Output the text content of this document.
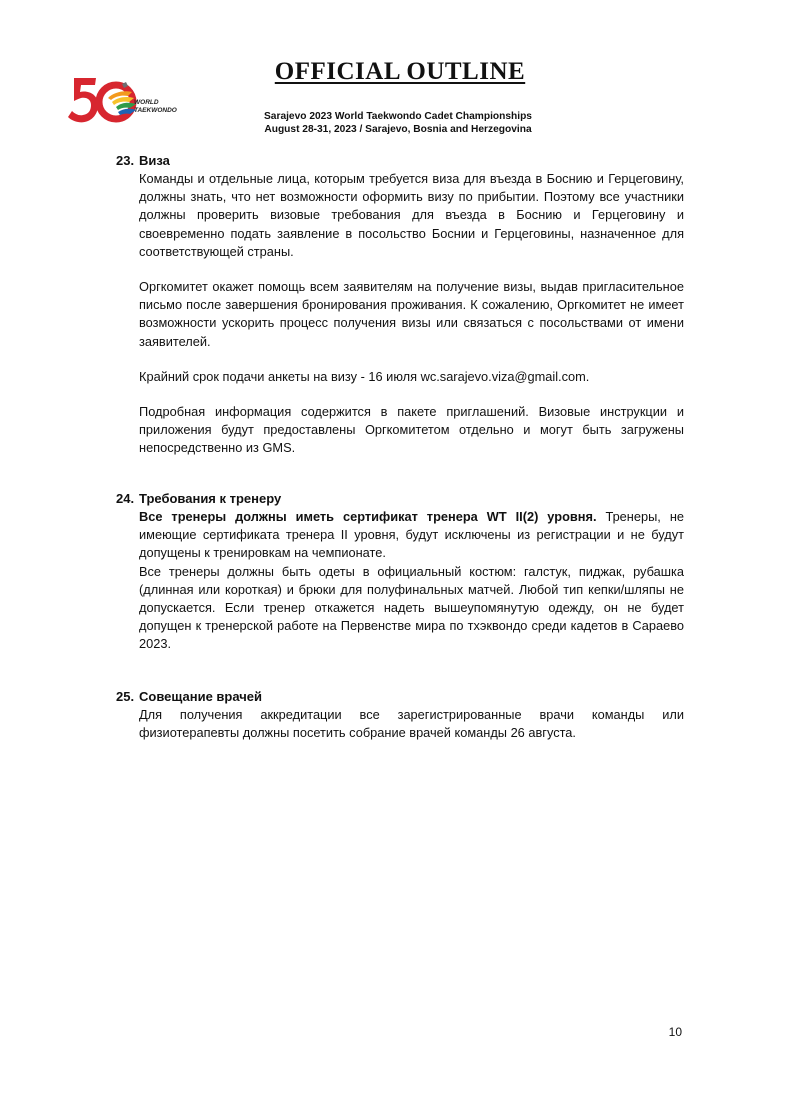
WORLD
TAEKWONDO
OFFICIAL OUTLINE
Sarajevo 2023 World Taekwondo Cadet Championships
August 28-31, 2023 / Sarajevo, Bosnia and Herzegovina
23. Виза

Команды и отдельные лица, которым требуется виза для въезда в Боснию и Герцеговину, должны знать, что нет возможности оформить визу по прибытии. Поэтому все участники должны проверить визовые требования для въезда в Боснию и Герцеговину и своевременно подать заявление в посольство Боснии и Герцеговины, назначенное для соответствующей страны.

Оргкомитет окажет помощь всем заявителям на получение визы, выдав пригласительное письмо после завершения бронирования проживания. К сожалению, Оргкомитет не имеет возможности ускорить процесс получения визы или связаться с посольствами от имени заявителей.

Крайний срок подачи анкеты на визу - 16 июля wc.sarajevo.viza@gmail.com.

Подробная информация содержится в пакете приглашений. Визовые инструкции и приложения будут предоставлены Оргкомитетом отдельно и могут быть загружены непосредственно из GMS.

24. Требования к тренеру

Все тренеры должны иметь сертификат тренера WT II(2) уровня. Тренеры, не имеющие сертификата тренера II уровня, будут исключены из регистрации и не будут допущены к тренировкам на чемпионате.

Все тренеры должны быть одеты в официальный костюм: галстук, пиджак, рубашка (длинная или короткая) и брюки для полуфинальных матчей. Любой тип кепки/шляпы не допускается. Если тренер откажется надеть вышеупомянутую одежду, он не будет допущен к тренерской работе на Первенстве мира по тхэквондо среди кадетов в Сараево 2023.

25. Совещание врачей

Для получения аккредитации все зарегистрированные врачи команды или физиотерапевты должны посетить собрание врачей команды 26 августа.

10
